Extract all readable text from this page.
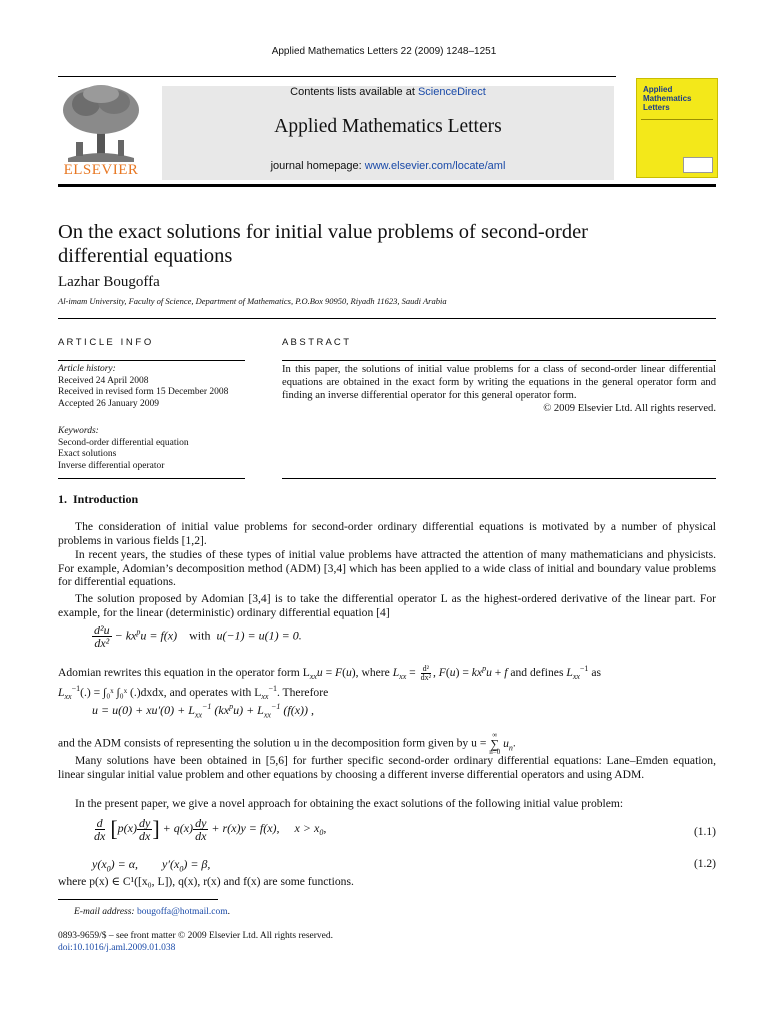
Applied Mathematics Letters 22 (2009) 1248–1251
ELSEVIER
Contents lists available at ScienceDirect
Applied Mathematics Letters
journal homepage: www.elsevier.com/locate/aml
Applied
Mathematics
Letters
On the exact solutions for initial value problems of second-order
differential equations
Lazhar Bougoffa
Al-imam University, Faculty of Science, Department of Mathematics, P.O.Box 90950, Riyadh 11623, Saudi Arabia
A R T I C L E   I N F O
Article history:
Received 24 April 2008
Received in revised form 15 December 2008
Accepted 26 January 2009
Keywords:
Second-order differential equation
Exact solutions
Inverse differential operator
A B S T R A C T
In this paper, the solutions of initial value problems for a class of second-order linear differential equations are obtained in the exact form by writing the equations in the general operator form and finding an inverse differential operator for this general operator form.
© 2009 Elsevier Ltd. All rights reserved.
1.  Introduction
The consideration of initial value problems for second-order ordinary differential equations is motivated by a number of physical problems in various fields [1,2].
In recent years, the studies of these types of initial value problems have attracted the attention of many mathematicians and physicists. For example, Adomian’s decomposition method (ADM) [3,4] which has been applied to a wide class of initial and boundary value problems for differential equations.
The solution proposed by Adomian [3,4] is to take the differential operator L as the highest-ordered derivative of the linear part. For example, for the linear (deterministic) ordinary differential equation [4]
$\frac{\text{d²u}}{\text{dx²}} - kx^pu = f(x)$    with  u(−1) = u(1) = 0.
Adomian rewrites this equation in the operator form $L_{xx}u = F(u)$, where $L_{xx} = \frac{\text{d²}}{\text{dx²}}$ , $F(u) = kx^pu + f$ and defines $L_{xx}^{-1}$ as
$L_{xx}^{-1}(.)$ = ∫₀ˣ ∫₀ˣ (.)dxdx, and operates with $L_{xx}^{-1}$. Therefore
$u = u(0) + xu'(0) + L_{xx}^{-1}$ $(kx^pu) + L_{xx}^{-1}$ (f(x)) ,
and the ADM consists of representing the solution u in the decomposition form given by u =
∞
∑
n=0
$u_n$.
Many solutions have been obtained in [5,6] for further specific second-order ordinary differential equations: Lane–Emden equation, linear singular initial value problem and other equations by choosing a different inverse differential operators and using ADM.
In the present paper, we give a novel approach for obtaining the exact solutions of the following initial value problem:
$\frac{d}{dx} [p(x) \frac{dy}{dx}$ ] + $q(x) \frac{dy}{dx} + r(x)y = f(x)$,     $x > x_0$,	(1.1)
$y(x_0) = \alpha$,        $y'(x_0) = \beta$,	(1.2)
where p(x) ∈ C¹([x₀, L]), q(x), r(x) and f(x) are some functions.
E-mail address: bougoffa@hotmail.com.
0893-9659/$ – see front matter © 2009 Elsevier Ltd. All rights reserved.
doi:10.1016/j.aml.2009.01.038
